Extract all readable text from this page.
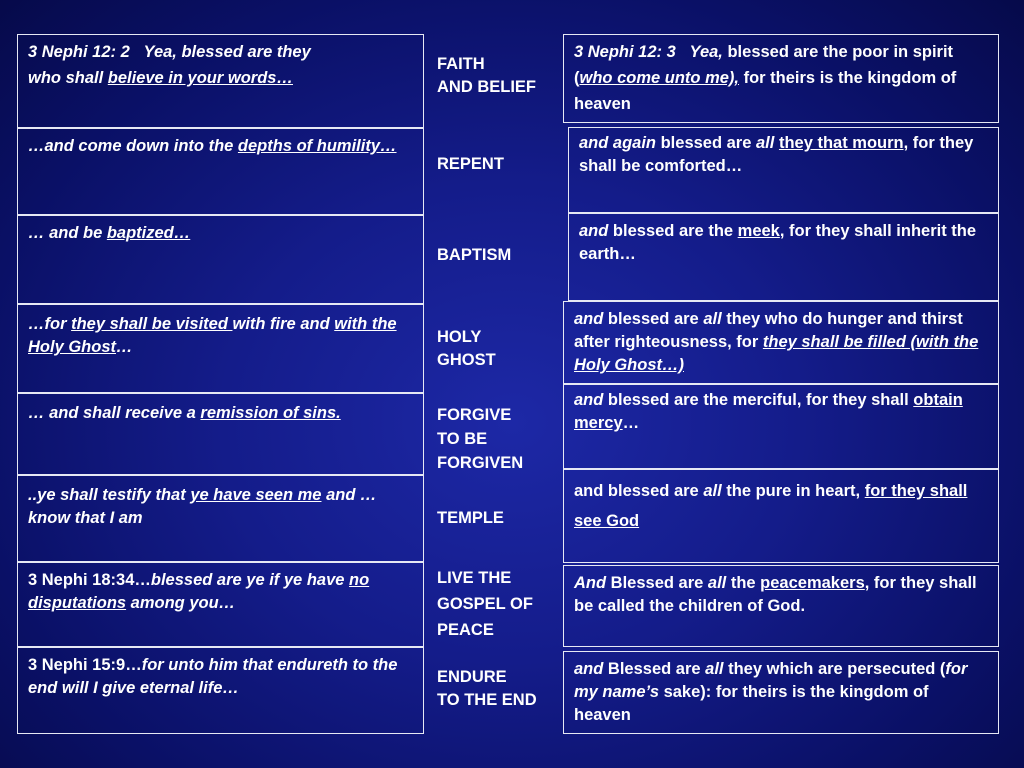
3 Nephi 12: 2   Yea, blessed are they
who shall believe in your words…
…and come down into the depths of humility…
… and be baptized…
…for they shall be visited with fire and with the Holy Ghost…
… and shall receive a remission of sins.
..ye shall testify that ye have seen me and …know that I am
3 Nephi 18:34…blessed are ye if ye have no disputations among you…
3 Nephi 15:9…for unto him that endureth to the end will I give eternal life…
FAITH
AND BELIEF
REPENT
BAPTISM
HOLY
GHOST
FORGIVE
TO BE
FORGIVEN
TEMPLE
LIVE THE
GOSPEL OF
PEACE
ENDURE
TO THE END
3 Nephi 12: 3   Yea, blessed are the poor in spirit (who come unto me), for theirs is the kingdom of heaven
and again blessed are all they that mourn, for they shall be comforted…
and blessed are the meek, for they shall inherit the earth…
and blessed are all they who do hunger and thirst after righteousness, for they shall be filled (with the Holy Ghost…)
and blessed are the merciful, for they shall obtain mercy…
and blessed are all the pure in heart, for they shall see God
And Blessed are all the peacemakers, for they shall be called the children of God.
and Blessed are all they which are persecuted (for my name’s sake): for theirs is the kingdom of heaven
